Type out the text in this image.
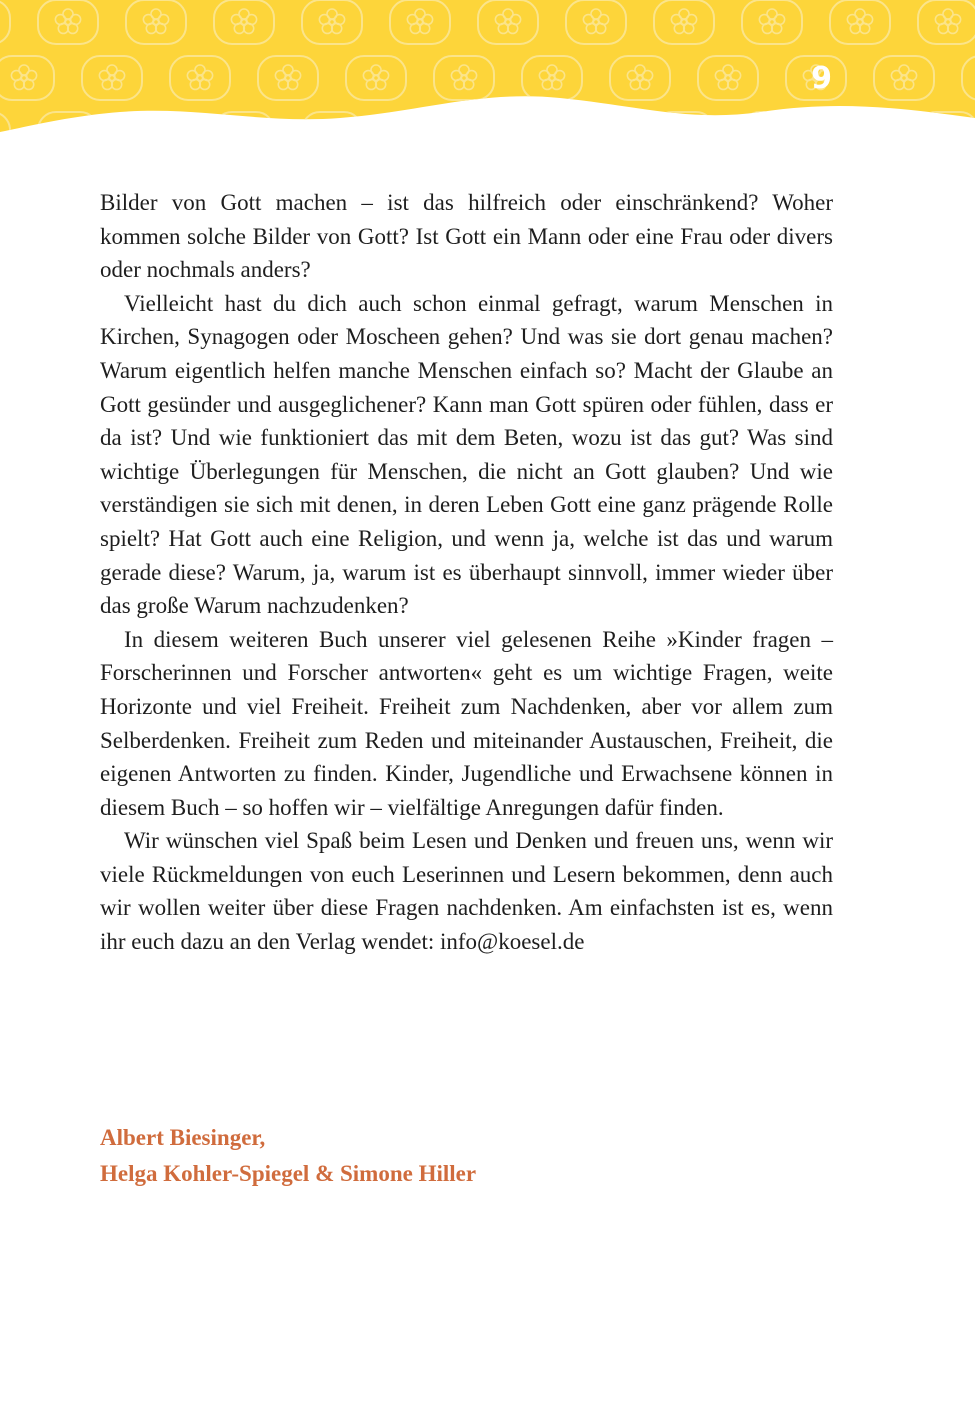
9

Bilder von Gott machen – ist das hilfreich oder einschränkend? Woher kommen solche Bilder von Gott? Ist Gott ein Mann oder eine Frau oder divers oder nochmals anders?

Vielleicht hast du dich auch schon einmal gefragt, warum Menschen in Kirchen, Synagogen oder Moscheen gehen? Und was sie dort genau machen? Warum eigentlich helfen manche Menschen einfach so? Macht der Glaube an Gott gesünder und ausgeglichener? Kann man Gott spüren oder fühlen, dass er da ist? Und wie funktioniert das mit dem Beten, wozu ist das gut? Was sind wichtige Überlegungen für Menschen, die nicht an Gott glauben? Und wie verständigen sie sich mit denen, in deren Leben Gott eine ganz prägende Rolle spielt? Hat Gott auch eine Religion, und wenn ja, welche ist das und warum gerade diese? Warum, ja, warum ist es überhaupt sinnvoll, immer wieder über das große Warum nachzudenken?

In diesem weiteren Buch unserer viel gelesenen Reihe »Kinder fragen – Forscherinnen und Forscher antworten« geht es um wichtige Fragen, weite Horizonte und viel Freiheit. Freiheit zum Nachdenken, aber vor allem zum Selberdenken. Freiheit zum Reden und miteinander Austauschen, Freiheit, die eigenen Antworten zu finden. Kinder, Jugendliche und Erwachsene können in diesem Buch – so hoffen wir – vielfältige Anregungen dafür finden.

Wir wünschen viel Spaß beim Lesen und Denken und freuen uns, wenn wir viele Rückmeldungen von euch Leserinnen und Lesern bekommen, denn auch wir wollen weiter über diese Fragen nachdenken. Am einfachsten ist es, wenn ihr euch dazu an den Verlag wendet: info@koesel.de

Albert Biesinger,
Helga Kohler-Spiegel & Simone Hiller
